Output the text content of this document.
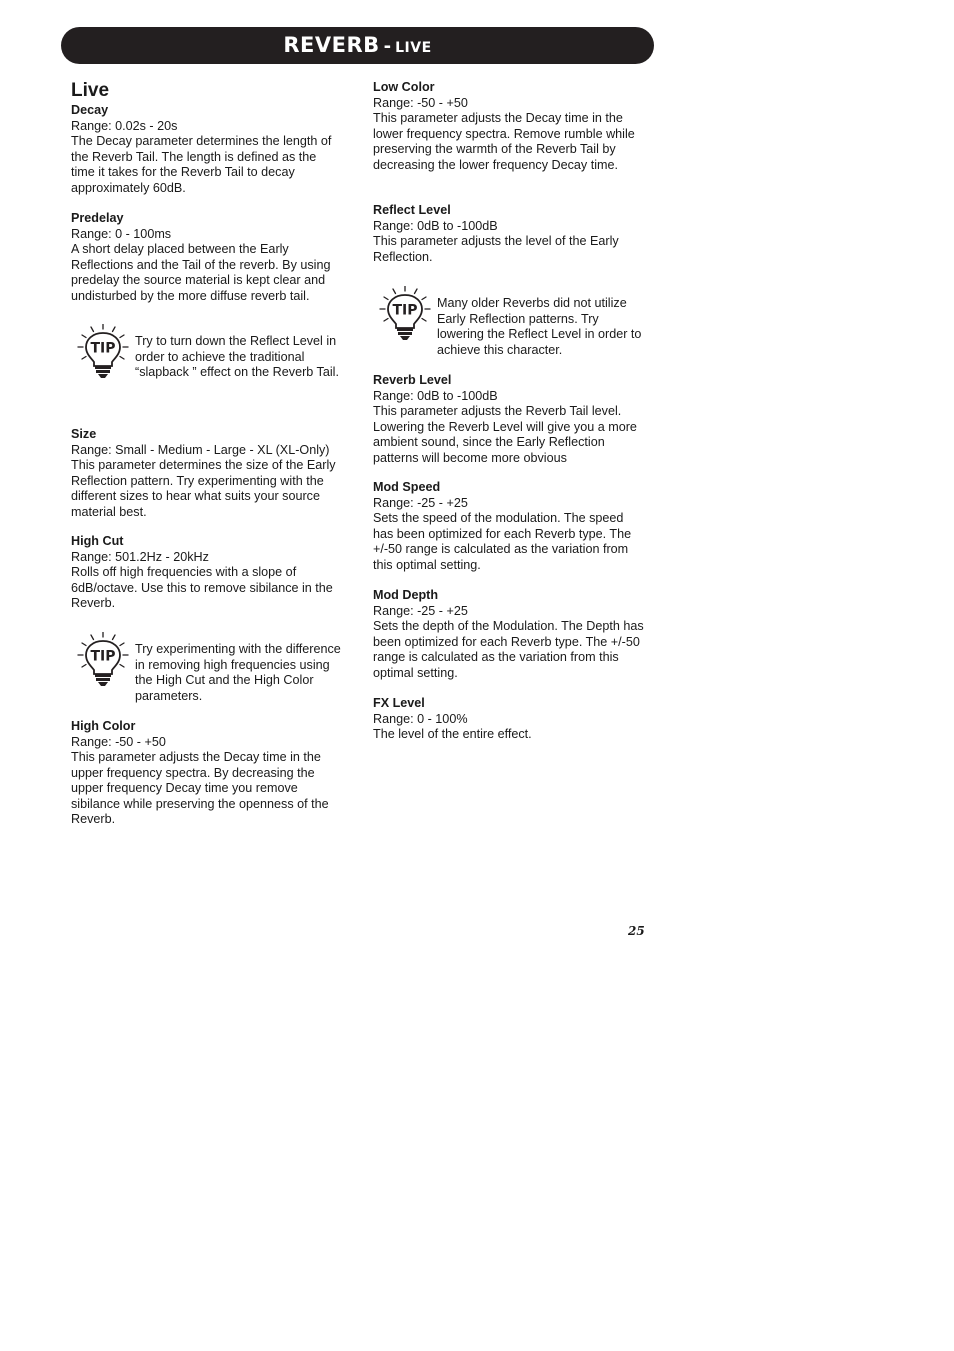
REVERB - LIVE
Live
Decay
Range: 0.02s - 20s
The Decay parameter determines the length of the Reverb Tail. The length is defined as the time it takes for the Reverb Tail to decay approximately 60dB.
Predelay
Range: 0 - 100ms
A short delay placed between the Early Reflections and the Tail of the reverb. By using predelay the source material is kept clear and undisturbed by the more diffuse reverb tail.
TIP Try to turn down the Reflect Level in order to achieve the traditional “slapback ” effect on the Reverb Tail.
Size
Range: Small - Medium - Large - XL (XL-Only)
This parameter determines the size of the Early Reflection pattern. Try experimenting with the different sizes to hear what suits your source material best.
High Cut
Range: 501.2Hz - 20kHz
Rolls off high frequencies with a slope of 6dB/octave. Use this to remove sibilance in the Reverb.
TIP Try experimenting with the difference in removing high frequencies using the High Cut and the High Color parameters.
High Color
Range: -50 - +50
This parameter adjusts the Decay time in the upper frequency spectra. By decreasing the upper frequency Decay time you remove sibilance while preserving the openness of the Reverb.
Low Color
Range: -50 - +50
This parameter adjusts the Decay time in the lower frequency spectra. Remove rumble while preserving the warmth of the Reverb Tail by decreasing the lower frequency Decay time.
Reflect Level
Range: 0dB to -100dB
This parameter adjusts the level of the Early Reflection.
TIP Many older Reverbs did not utilize Early Reflection patterns. Try lowering the Reflect Level in order to achieve this character.
Reverb Level
Range: 0dB to -100dB
This parameter adjusts the Reverb Tail level. Lowering the Reverb Level will give you a more ambient sound, since the Early Reflection patterns will become more obvious
Mod Speed
Range: -25 - +25
Sets the speed of the modulation. The speed has been optimized for each Reverb type. The +/-50 range is calculated as the variation from this optimal setting.
Mod Depth
Range: -25 - +25
Sets the depth of the Modulation. The Depth has been optimized for each Reverb type. The +/-50 range is calculated as the variation from this optimal setting.
FX Level
Range: 0 - 100%
The level of the entire effect.
25
